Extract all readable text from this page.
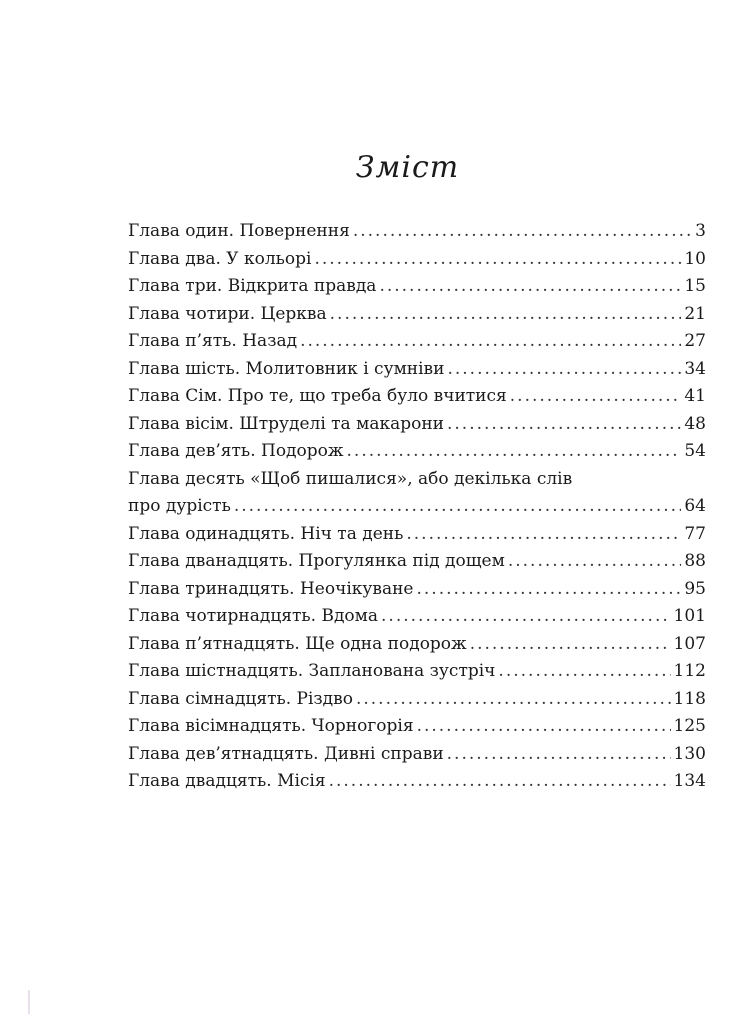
Зміст
Глава один. Повернення .....	3
Глава два. У кольорі .....	10
Глава три. Відкрита правда .....	15
Глава чотири. Церква .....	21
Глава п’ять. Назад .....	27
Глава шість. Молитовник і сумніви .....	34
Глава Сім. Про те, що треба було вчитися .....	41
Глава вісім. Штруделі та макарони .....	48
Глава дев’ять. Подорож .....	54
Глава десять «Щоб пишалися», або декілька слів
про дурість .....	64
Глава одинадцять. Ніч та день .....	77
Глава дванадцять. Прогулянка під дощем .....	88
Глава тринадцять. Неочікуване .....	95
Глава чотирнадцять. Вдома .....	101
Глава п’ятнадцять. Ще одна подорож .....	107
Глава шістнадцять. Запланована зустріч .....	112
Глава сімнадцять. Різдво .....	118
Глава вісімнадцять. Чорногорія .....	125
Глава дев’ятнадцять. Дивні справи .....	130
Глава двадцять. Місія .....	134
